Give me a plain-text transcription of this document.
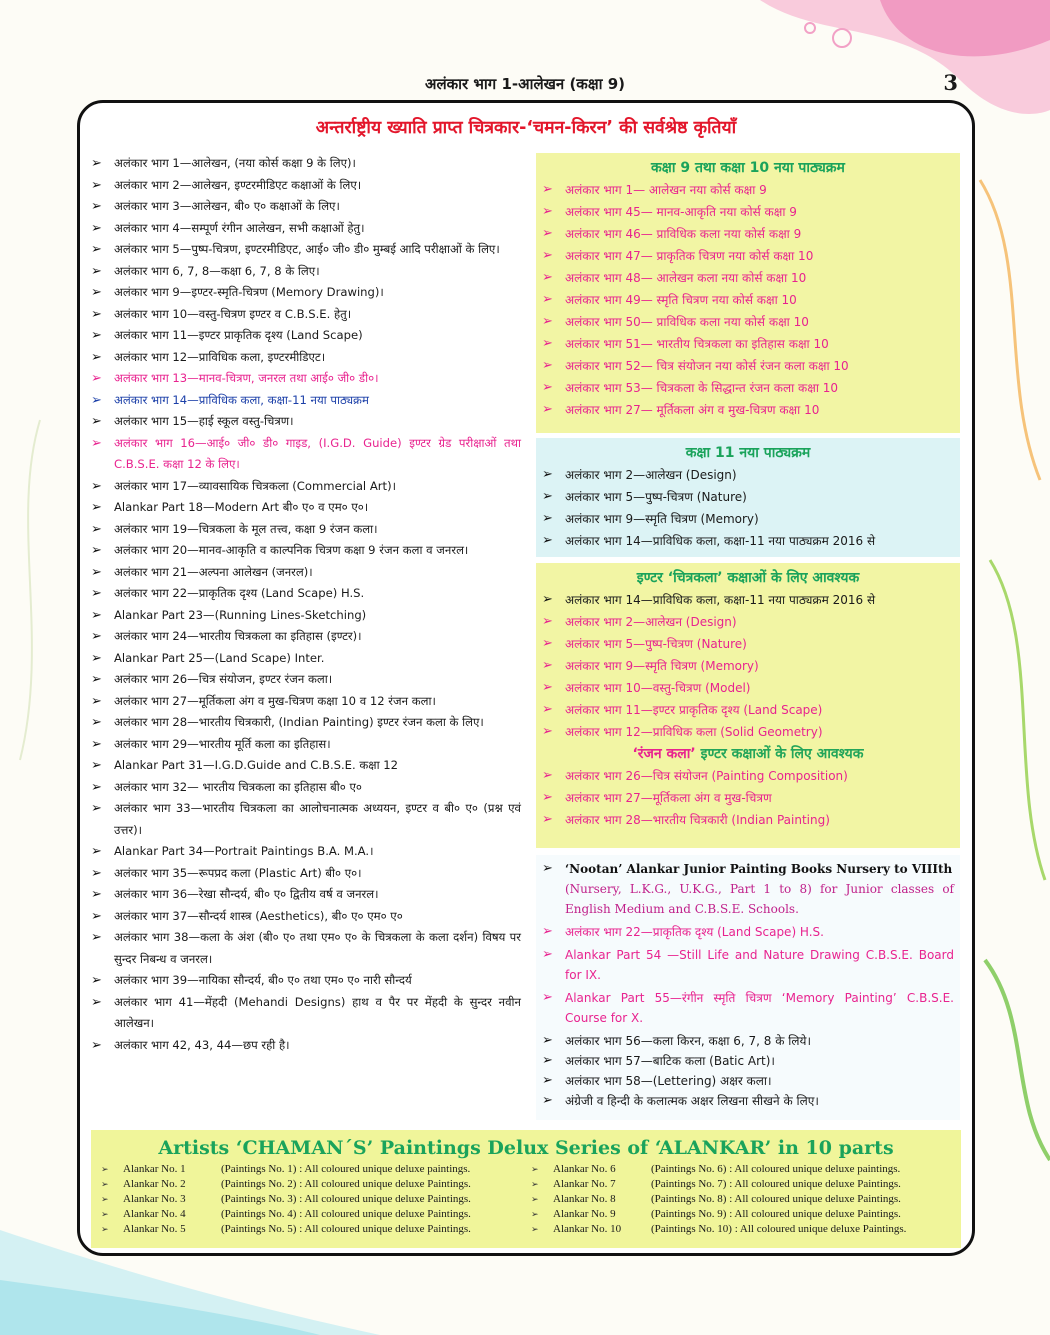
अलंकार भाग 1-आलेखन (कक्षा 9)	3
अन्तर्राष्ट्रीय ख्याति प्राप्त चित्रकार-‘चमन-किरन’ की सर्वश्रेष्ठ कृतियाँ
➢ अलंकार भाग 1—आलेखन, (नया कोर्स कक्षा 9 के लिए)।
➢ अलंकार भाग 2—आलेखन, इण्टरमीडिएट कक्षाओं के लिए।
➢ अलंकार भाग 3—आलेखन, बी० ए० कक्षाओं के लिए।
➢ अलंकार भाग 4—सम्पूर्ण रंगीन आलेखन, सभी कक्षाओं हेतु।
➢ अलंकार भाग 5—पुष्प-चित्रण, इण्टरमीडिएट, आई० जी० डी० मुम्बई आदि परीक्षाओं के लिए।
➢ अलंकार भाग 6, 7, 8—कक्षा 6, 7, 8 के लिए।
➢ अलंकार भाग 9—इण्टर-स्मृति-चित्रण (Memory Drawing)।
➢ अलंकार भाग 10—वस्तु-चित्रण इण्टर व C.B.S.E. हेतु।
➢ अलंकार भाग 11—इण्टर प्राकृतिक दृश्य (Land Scape)
➢ अलंकार भाग 12—प्राविधिक कला, इण्टरमीडिएट।
➢ अलंकार भाग 13—मानव-चित्रण, जनरल तथा आई० जी० डी०।
➢ अलंकार भाग 14—प्राविधिक कला, कक्षा-11 नया पाठ्यक्रम
➢ अलंकार भाग 15—हाई स्कूल वस्तु-चित्रण।
➢ अलंकार भाग 16—आई० जी० डी० गाइड, (I.G.D. Guide) इण्टर ग्रेड परीक्षाओं तथा C.B.S.E. कक्षा 12 के लिए।
➢ अलंकार भाग 17—व्यावसायिक चित्रकला (Commercial Art)।
➢ Alankar Part 18—Modern Art बी० ए० व एम० ए०।
➢ अलंकार भाग 19—चित्रकला के मूल तत्त्व, कक्षा 9 रंजन कला।
➢ अलंकार भाग 20—मानव-आकृति व काल्पनिक चित्रण कक्षा 9 रंजन कला व जनरल।
➢ अलंकार भाग 21—अल्पना आलेखन (जनरल)।
➢ अलंकार भाग 22—प्राकृतिक दृश्य (Land Scape) H.S.
➢ Alankar Part 23—(Running Lines-Sketching)
➢ अलंकार भाग 24—भारतीय चित्रकला का इतिहास (इण्टर)।
➢ Alankar Part 25—(Land Scape) Inter.
➢ अलंकार भाग 26—चित्र संयोजन, इण्टर रंजन कला।
➢ अलंकार भाग 27—मूर्तिकला अंग व मुख-चित्रण कक्षा 10 व 12 रंजन कला।
➢ अलंकार भाग 28—भारतीय चित्रकारी, (Indian Painting) इण्टर रंजन कला के लिए।
➢ अलंकार भाग 29—भारतीय मूर्ति कला का इतिहास।
➢ Alankar Part 31—I.G.D.Guide and C.B.S.E. कक्षा 12
➢ अलंकार भाग 32— भारतीय चित्रकला का इतिहास बी० ए०
➢ अलंकार भाग 33—भारतीय चित्रकला का आलोचनात्मक अध्ययन, इण्टर व बी० ए० (प्रश्न एवं उत्तर)।
➢ Alankar Part 34—Portrait Paintings B.A. M.A.।
➢ अलंकार भाग 35—रूपप्रद कला (Plastic Art) बी० ए०।
➢ अलंकार भाग 36—रेखा सौन्दर्य, बी० ए० द्वितीय वर्ष व जनरल।
➢ अलंकार भाग 37—सौन्दर्य शास्त्र (Aesthetics), बी० ए० एम० ए०
➢ अलंकार भाग 38—कला के अंश (बी० ए० तथा एम० ए० के चित्रकला के कला दर्शन) विषय पर सुन्दर निबन्ध व जनरल।
➢ अलंकार भाग 39—नायिका सौन्दर्य, बी० ए० तथा एम० ए० नारी सौन्दर्य
➢ अलंकार भाग 41—मेंहदी (Mehandi Designs) हाथ व पैर पर मेंहदी के सुन्दर नवीन आलेखन।
➢ अलंकार भाग 42, 43, 44—छप रही है।
कक्षा 9 तथा कक्षा 10 नया पाठ्यक्रम
➢ अलंकार भाग 1— आलेखन नया कोर्स कक्षा 9
➢ अलंकार भाग 45— मानव-आकृति नया कोर्स कक्षा 9
➢ अलंकार भाग 46— प्राविधिक कला नया कोर्स कक्षा 9
➢ अलंकार भाग 47— प्राकृतिक चित्रण नया कोर्स कक्षा 10
➢ अलंकार भाग 48— आलेखन कला नया कोर्स कक्षा 10
➢ अलंकार भाग 49— स्मृति चित्रण नया कोर्स कक्षा 10
➢ अलंकार भाग 50— प्राविधिक कला नया कोर्स कक्षा 10
➢ अलंकार भाग 51— भारतीय चित्रकला का इतिहास कक्षा 10
➢ अलंकार भाग 52— चित्र संयोजन नया कोर्स रंजन कला कक्षा 10
➢ अलंकार भाग 53— चित्रकला के सिद्धान्त रंजन कला कक्षा 10
➢ अलंकार भाग 27— मूर्तिकला अंग व मुख-चित्रण कक्षा 10
कक्षा 11 नया पाठ्यक्रम
➢ अलंकार भाग 2—आलेखन (Design)
➢ अलंकार भाग 5—पुष्प-चित्रण (Nature)
➢ अलंकार भाग 9—स्मृति चित्रण (Memory)
➢ अलंकार भाग 14—प्राविधिक कला, कक्षा-11 नया पाठ्यक्रम 2016 से
इण्टर ‘चित्रकला’ कक्षाओं के लिए आवश्यक
➢ अलंकार भाग 14—प्राविधिक कला, कक्षा-11 नया पाठ्यक्रम 2016 से
➢ अलंकार भाग 2—आलेखन (Design)
➢ अलंकार भाग 5—पुष्प-चित्रण (Nature)
➢ अलंकार भाग 9—स्मृति चित्रण (Memory)
➢ अलंकार भाग 10—वस्तु-चित्रण (Model)
➢ अलंकार भाग 11—इण्टर प्राकृतिक दृश्य (Land Scape)
➢ अलंकार भाग 12—प्राविधिक कला (Solid Geometry)
‘रंजन कला’ इण्टर कक्षाओं के लिए आवश्यक
➢ अलंकार भाग 26—चित्र संयोजन (Painting Composition)
➢ अलंकार भाग 27—मूर्तिकला अंग व मुख-चित्रण
➢ अलंकार भाग 28—भारतीय चित्रकारी (Indian Painting)
➢ ‘Nootan’ Alankar Junior Painting Books Nursery to VIIIth
(Nursery, L.K.G., U.K.G., Part 1 to 8) for Junior classes of English Medium and C.B.S.E. Schools.
➢ अलंकार भाग 22—प्राकृतिक दृश्य (Land Scape) H.S.
➢ Alankar Part 54 —Still Life and Nature Drawing C.B.S.E. Board for IX.
➢ Alankar Part 55—रंगीन स्मृति चित्रण ‘Memory Painting’ C.B.S.E. Course for X.
➢ अलंकार भाग 56—कला किरन, कक्षा 6, 7, 8 के लिये।
➢ अलंकार भाग 57—बाटिक कला (Batic Art)।
➢ अलंकार भाग 58—(Lettering) अक्षर कला।
➢ अंग्रेजी व हिन्दी के कलात्मक अक्षर लिखना सीखने के लिए।
Artists ‘CHAMAN´S’ Paintings Delux Series of ‘ALANKAR’ in 10 parts
➢	Alankar No. 1	(Paintings No. 1) : All coloured unique deluxe paintings.
➢	Alankar No. 2	(Paintings No. 2) : All coloured unique deluxe Paintings.
➢	Alankar No. 3	(Paintings No. 3) : All coloured unique deluxe Paintings.
➢	Alankar No. 4	(Paintings No. 4) : All coloured unique deluxe Paintings.
➢	Alankar No. 5	(Paintings No. 5) : All coloured unique deluxe Paintings.
➢	Alankar No. 6	(Paintings No. 6) : All coloured unique deluxe paintings.
➢	Alankar No. 7	(Paintings No. 7) : All coloured unique deluxe Paintings.
➢	Alankar No. 8	(Paintings No. 8) : All coloured unique deluxe Paintings.
➢	Alankar No. 9	(Paintings No. 9) : All coloured unique deluxe Paintings.
➢	Alankar No. 10	(Paintings No. 10) : All coloured unique deluxe Paintings.
